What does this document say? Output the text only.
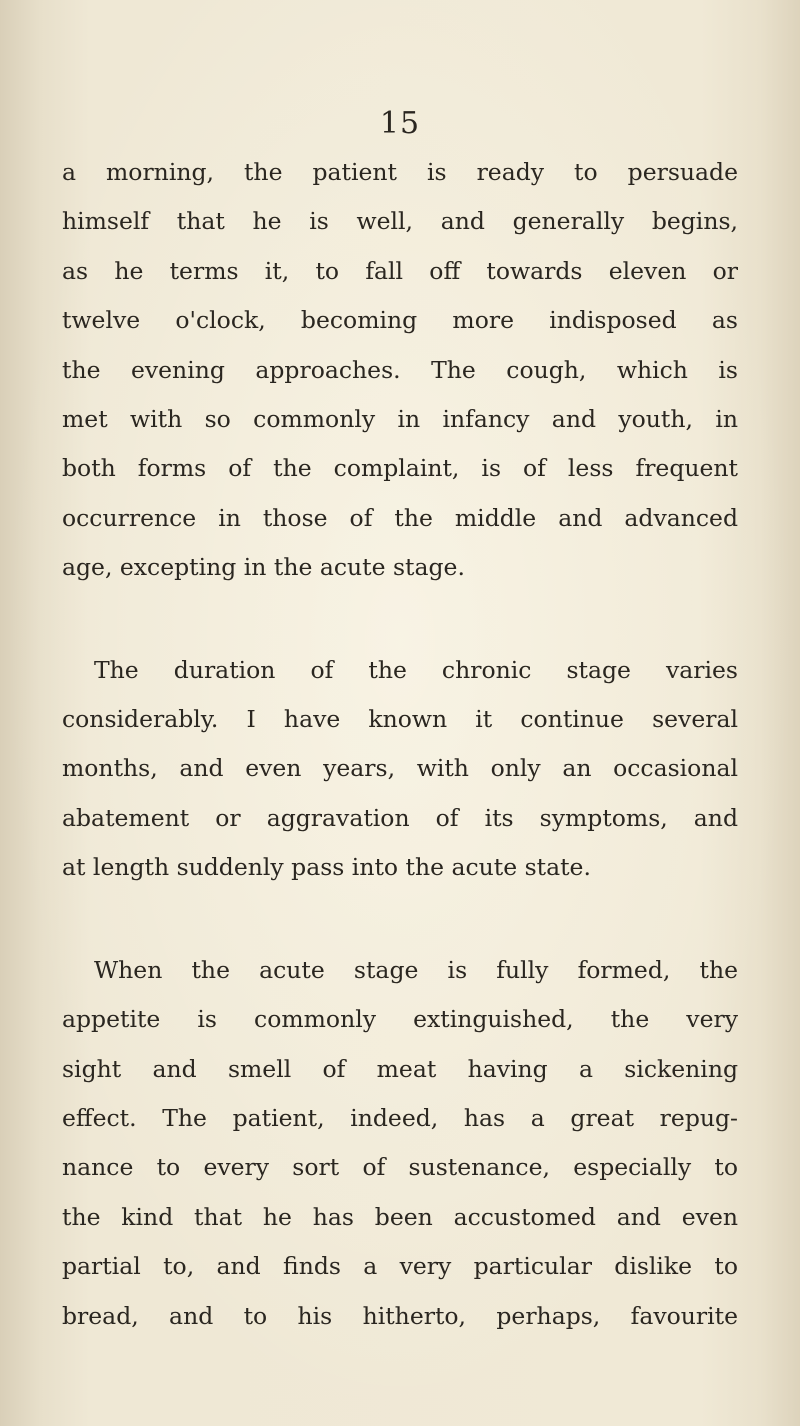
15
a morning, the patient is ready to persuade
himself that he is well, and generally begins,
as he terms it, to fall off towards eleven or
twelve o'clock, becoming more indisposed as
the evening approaches. The cough, which is
met with so commonly in infancy and youth, in
both forms of the complaint, is of less frequent
occurrence in those of the middle and advanced
age, excepting in the acute stage.
The duration of the chronic stage varies
considerably. I have known it continue several
months, and even years, with only an occasional
abatement or aggravation of its symptoms, and
at length suddenly pass into the acute state.
When the acute stage is fully formed, the
appetite is commonly extinguished, the very
sight and smell of meat having a sickening
effect. The patient, indeed, has a great repug-
nance to every sort of sustenance, especially to
the kind that he has been accustomed and even
partial to, and finds a very particular dislike to
bread, and to his hitherto, perhaps, favourite
